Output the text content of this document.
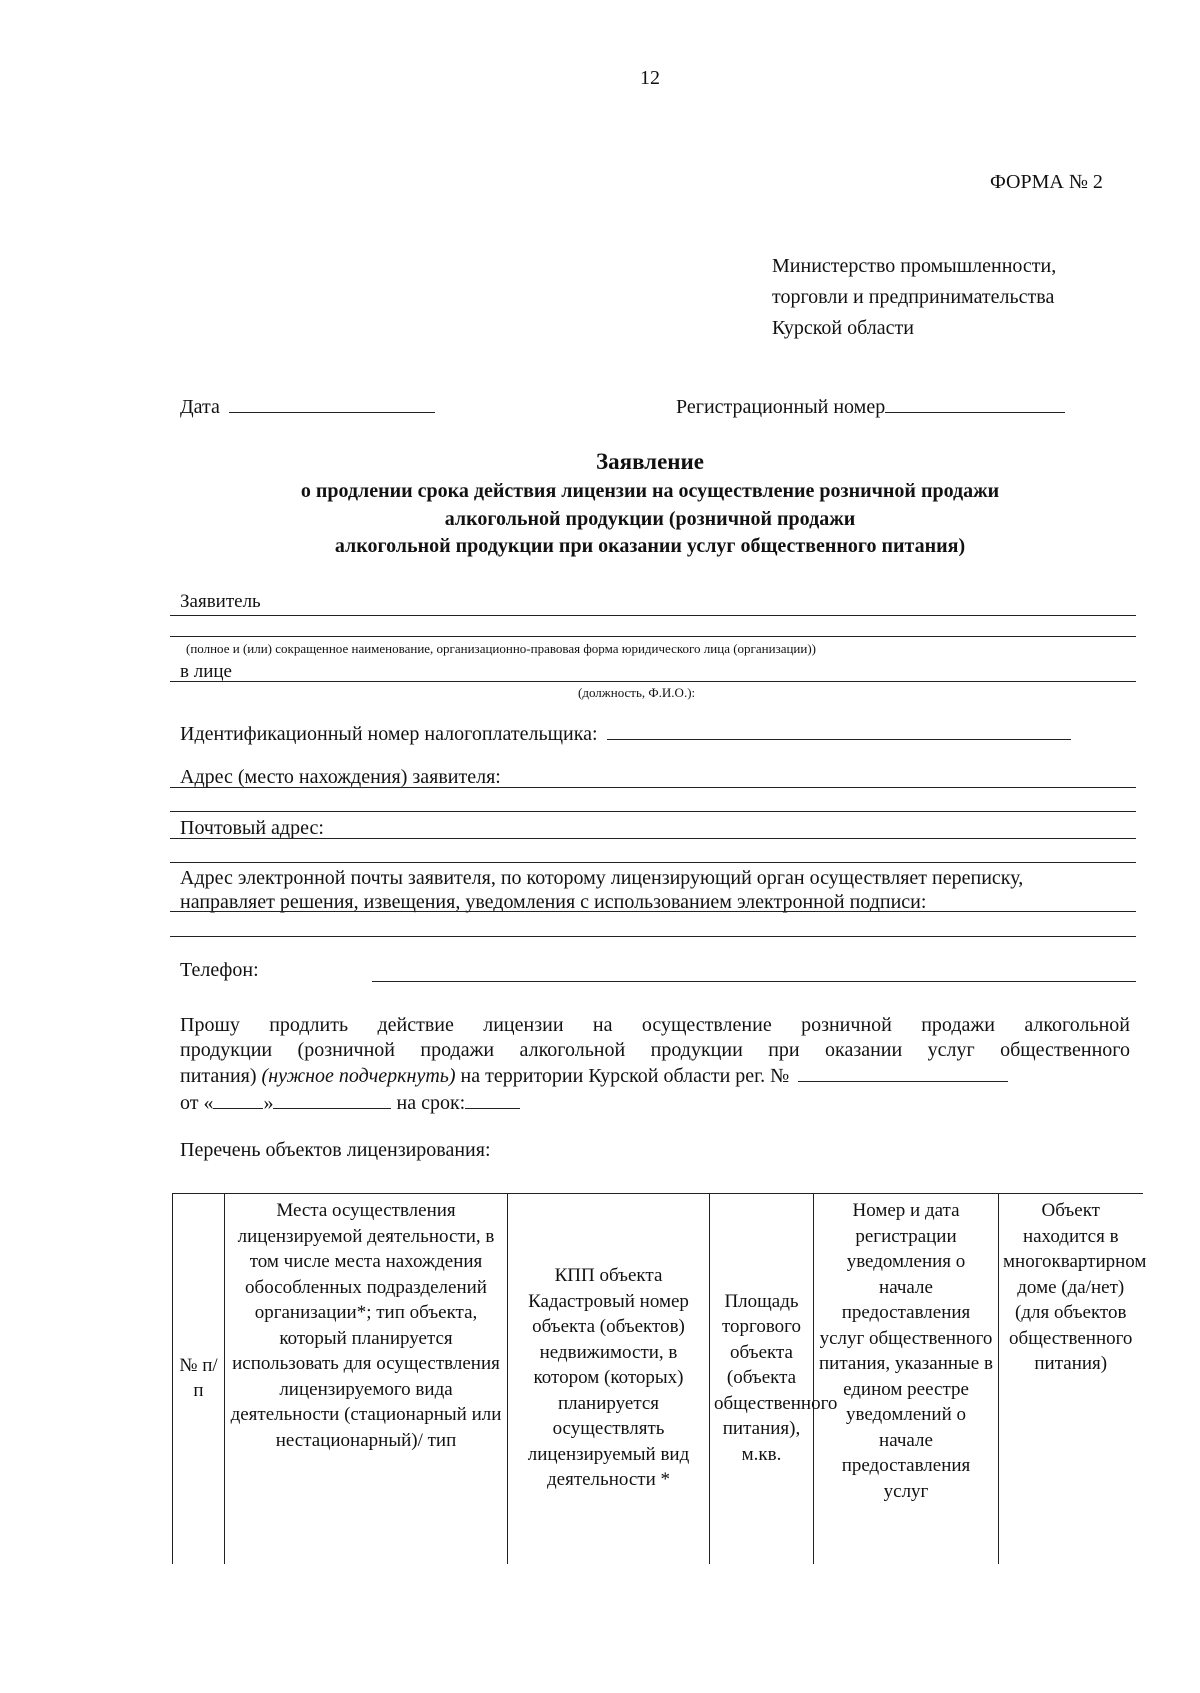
12
ФОРМА № 2
Министерство промышленности,
торговли и предпринимательства
Курской области
Дата	Регистрационный номер
Заявление
о продлении срока действия лицензии на осуществление розничной продажи
алкогольной продукции (розничной продажи
алкогольной продукции при оказании услуг общественного питания)
Заявитель
(полное и (или) сокращенное наименование, организационно-правовая форма юридического лица (организации))
в лице
(должность, Ф.И.О.):
Идентификационный номер налогоплательщика:
Адрес (место нахождения) заявителя:
Почтовый адрес:
Адрес электронной почты заявителя, по которому лицензирующий орган осуществляет переписку,
направляет решения, извещения, уведомления с использованием электронной подписи:
Телефон:
Прошу продлить действие лицензии на осуществление розничной продажи алкогольной
продукции (розничной продажи алкогольной продукции при оказании услуг общественного
питания) (нужное подчеркнуть) на территории Курской области рег. №
от «	»	на срок:
Перечень объектов лицензирования:
№ п/п	Места осуществления лицензируемой деятельности, в том числе места нахождения обособленных подразделений организации*; тип объекта, который планируется использовать для осуществления лицензируемого вида деятельности (стационарный или нестационарный)/ тип	КПП объекта Кадастровый номер объекта (объектов) недвижимости, в котором (которых) планируется осуществлять лицензируемый вид деятельности *	Площадь торгового объекта (объекта общественного питания), м.кв.	Номер и дата регистрации уведомления о начале предоставления услуг общественного питания, указанные в едином реестре уведомлений о начале предоставления услуг	Объект находится в многоквартирном доме (да/нет) (для объектов общественного питания)
